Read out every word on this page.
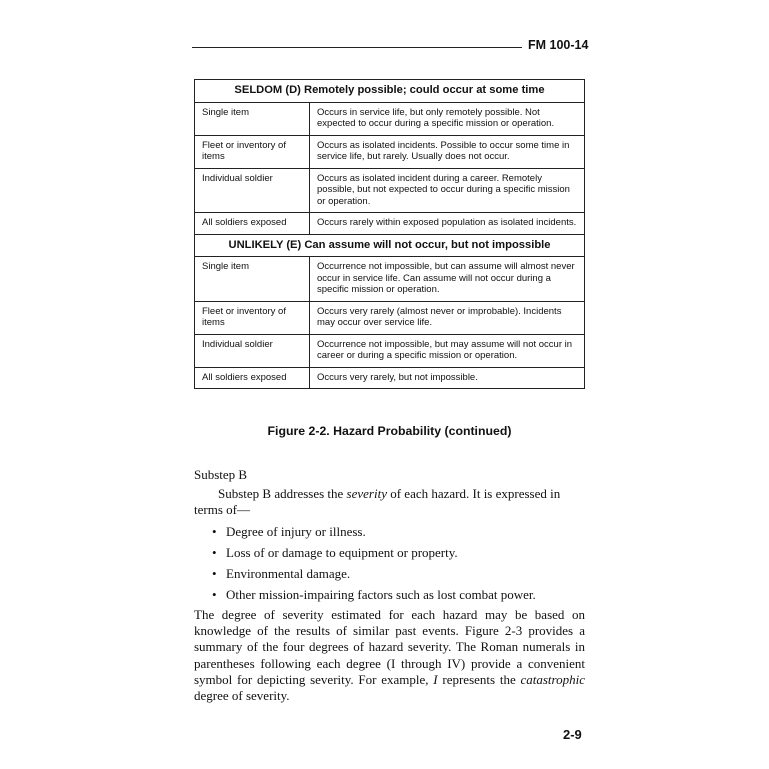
FM 100-14
SELDOM (D) Remotely possible; could occur at some time	
Single item	Occurs in service life, but only remotely possible. Not expected to occur during a specific mission or operation.
Fleet or inventory of items	Occurs as isolated incidents. Possible to occur some time in service life, but rarely. Usually does not occur.
Individual soldier	Occurs as isolated incident during a career. Remotely possible, but not expected to occur during a specific mission or operation.
All soldiers exposed	Occurs rarely within exposed population as isolated incidents.
UNLIKELY (E) Can assume will not occur, but not impossible	
Single item	Occurrence not impossible, but can assume will almost never occur in service life. Can assume will not occur during a specific mission or operation.
Fleet or inventory of items	Occurs very rarely (almost never or improbable). Incidents may occur over service life.
Individual soldier	Occurrence not impossible, but may assume will not occur in career or during a specific mission or operation.
All soldiers exposed	Occurs very rarely, but not impossible.
Figure 2-2. Hazard Probability (continued)
Substep B
Substep B addresses the severity of each hazard. It is expressed in terms of—
• Degree of injury or illness.
• Loss of or damage to equipment or property.
• Environmental damage.
• Other mission-impairing factors such as lost combat power.
The degree of severity estimated for each hazard may be based on knowledge of the results of similar past events. Figure 2-3 provides a summary of the four degrees of hazard severity. The Roman numerals in parentheses following each degree (I through IV) provide a convenient symbol for depicting severity. For example, I represents the catastrophic degree of severity.
2-9
